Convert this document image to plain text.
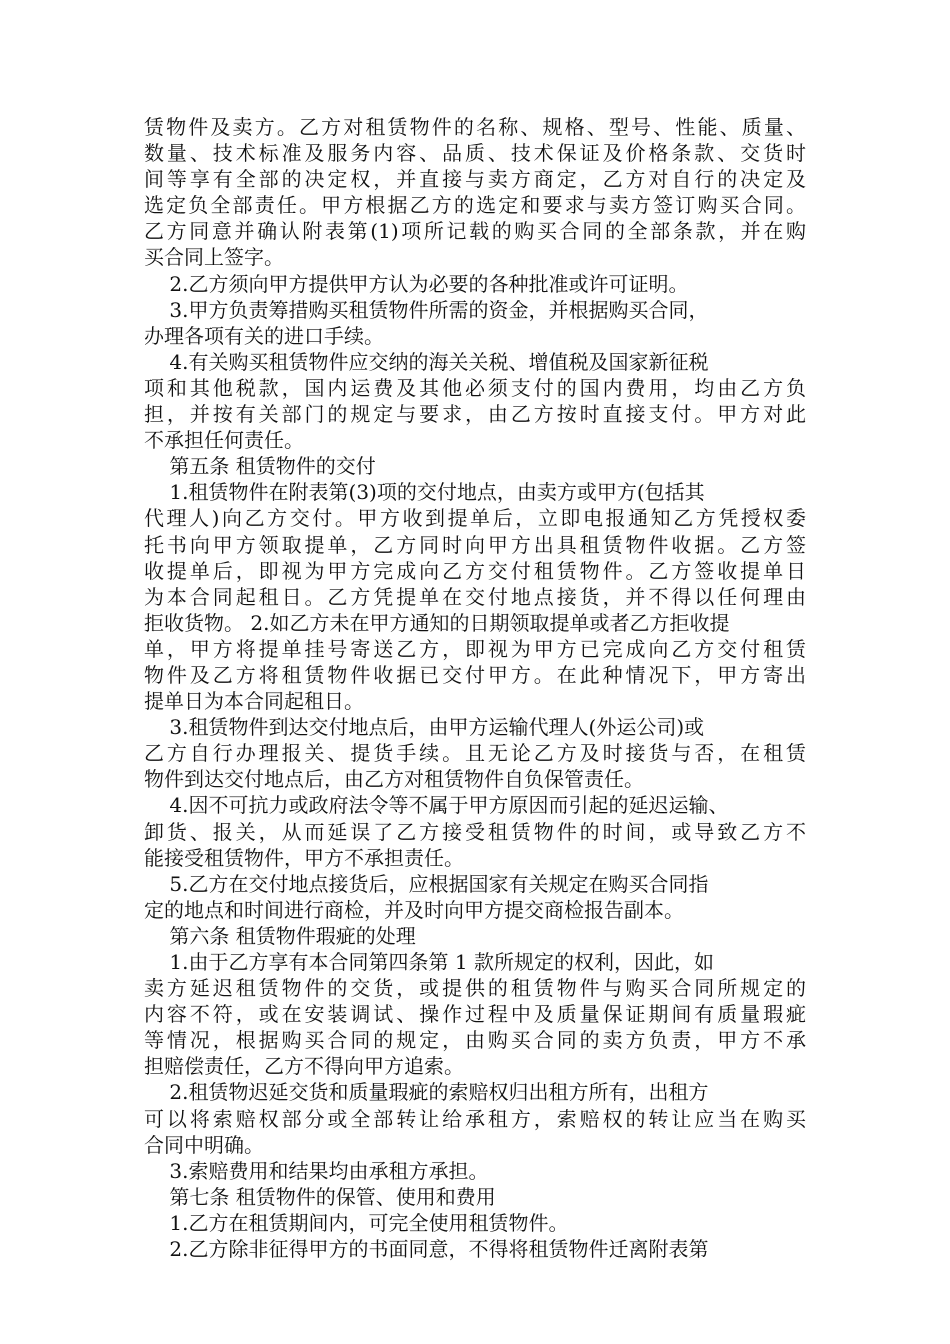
赁物件及卖方。乙方对租赁物件的名称、规格、型号、性能、质量、
数量、技术标准及服务内容、品质、技术保证及价格条款、交货时
间等享有全部的决定权，并直接与卖方商定，乙方对自行的决定及
选定负全部责任。甲方根据乙方的选定和要求与卖方签订购买合同。
乙方同意并确认附表第(1)项所记载的购买合同的全部条款，并在购
买合同上签字。
2.乙方须向甲方提供甲方认为必要的各种批准或许可证明。
3.甲方负责筹措购买租赁物件所需的资金，并根据购买合同，
办理各项有关的进口手续。
4.有关购买租赁物件应交纳的海关关税、增值税及国家新征税
项和其他税款，国内运费及其他必须支付的国内费用，均由乙方负
担，并按有关部门的规定与要求，由乙方按时直接支付。甲方对此
不承担任何责任。
第五条 租赁物件的交付
1.租赁物件在附表第(3)项的交付地点，由卖方或甲方(包括其
代理人)向乙方交付。甲方收到提单后，立即电报通知乙方凭授权委
托书向甲方领取提单，乙方同时向甲方出具租赁物件收据。乙方签
收提单后，即视为甲方完成向乙方交付租赁物件。乙方签收提单日
为本合同起租日。乙方凭提单在交付地点接货，并不得以任何理由
拒收货物。 2.如乙方未在甲方通知的日期领取提单或者乙方拒收提
单，甲方将提单挂号寄送乙方，即视为甲方已完成向乙方交付租赁
物件及乙方将租赁物件收据已交付甲方。在此种情况下，甲方寄出
提单日为本合同起租日。
3.租赁物件到达交付地点后，由甲方运输代理人(外运公司)或
乙方自行办理报关、提货手续。且无论乙方及时接货与否，在租赁
物件到达交付地点后，由乙方对租赁物件自负保管责任。
4.因不可抗力或政府法令等不属于甲方原因而引起的延迟运输、
卸货、报关，从而延误了乙方接受租赁物件的时间，或导致乙方不
能接受租赁物件，甲方不承担责任。
5.乙方在交付地点接货后，应根据国家有关规定在购买合同指
定的地点和时间进行商检，并及时向甲方提交商检报告副本。
第六条 租赁物件瑕疵的处理
1.由于乙方享有本合同第四条第 1 款所规定的权利，因此，如
卖方延迟租赁物件的交货，或提供的租赁物件与购买合同所规定的
内容不符，或在安装调试、操作过程中及质量保证期间有质量瑕疵
等情况，根据购买合同的规定，由购买合同的卖方负责，甲方不承
担赔偿责任，乙方不得向甲方追索。
2.租赁物迟延交货和质量瑕疵的索赔权归出租方所有，出租方
可以将索赔权部分或全部转让给承租方，索赔权的转让应当在购买
合同中明确。
3.索赔费用和结果均由承租方承担。
第七条 租赁物件的保管、使用和费用
1.乙方在租赁期间内，可完全使用租赁物件。
2.乙方除非征得甲方的书面同意，不得将租赁物件迁离附表第
